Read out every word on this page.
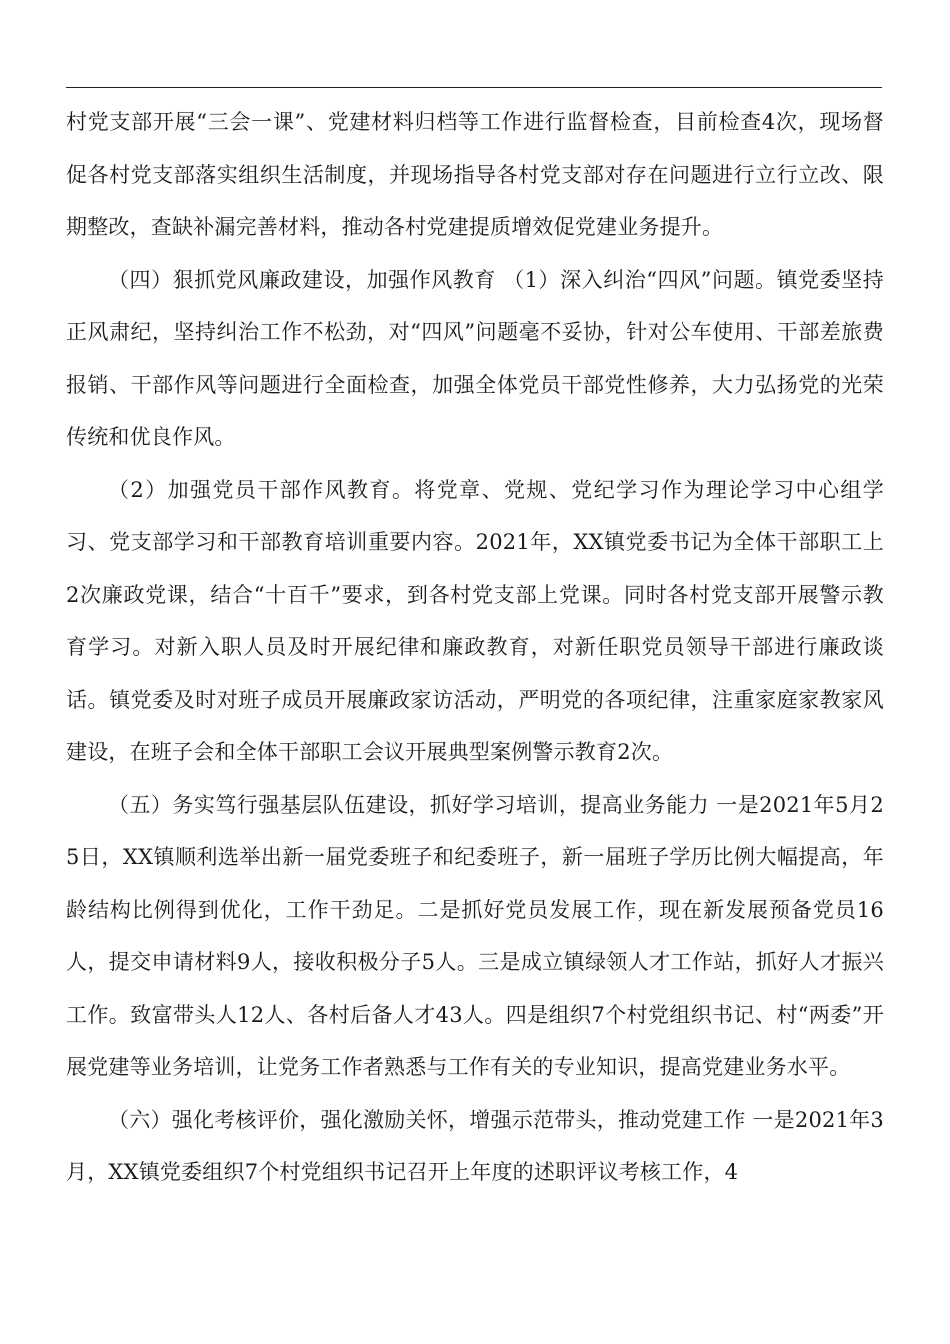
村党支部开展“三会一课”、党建材料归档等工作进行监督检查，目前检查4次，现场督促各村党支部落实组织生活制度，并现场指导各村党支部对存在问题进行立行立改、限期整改，查缺补漏完善材料，推动各村党建提质增效促党建业务提升。

（四）狠抓党风廉政建设，加强作风教育 （1）深入纠治“四风”问题。镇党委坚持正风肃纪，坚持纠治工作不松劲，对“四风”问题毫不妥协，针对公车使用、干部差旅费报销、干部作风等问题进行全面检查，加强全体党员干部党性修养，大力弘扬党的光荣传统和优良作风。

（2）加强党员干部作风教育。将党章、党规、党纪学习作为理论学习中心组学习、党支部学习和干部教育培训重要内容。2021年，XX镇党委书记为全体干部职工上2次廉政党课，结合“十百千”要求，到各村党支部上党课。同时各村党支部开展警示教育学习。对新入职人员及时开展纪律和廉政教育，对新任职党员领导干部进行廉政谈话。镇党委及时对班子成员开展廉政家访活动，严明党的各项纪律，注重家庭家教家风建设，在班子会和全体干部职工会议开展典型案例警示教育2次。

（五）务实笃行强基层队伍建设，抓好学习培训，提高业务能力 一是2021年5月25日，XX镇顺利选举出新一届党委班子和纪委班子，新一届班子学历比例大幅提高，年龄结构比例得到优化，工作干劲足。二是抓好党员发展工作，现在新发展预备党员16人，提交申请材料9人，接收积极分子5人。三是成立镇绿领人才工作站，抓好人才振兴工作。致富带头人12人、各村后备人才43人。四是组织7个村党组织书记、村“两委”开展党建等业务培训，让党务工作者熟悉与工作有关的专业知识，提高党建业务水平。

（六）强化考核评价，强化激励关怀，增强示范带头，推动党建工作 一是2021年3月，XX镇党委组织7个村党组织书记召开上年度的述职评议考核工作，4
